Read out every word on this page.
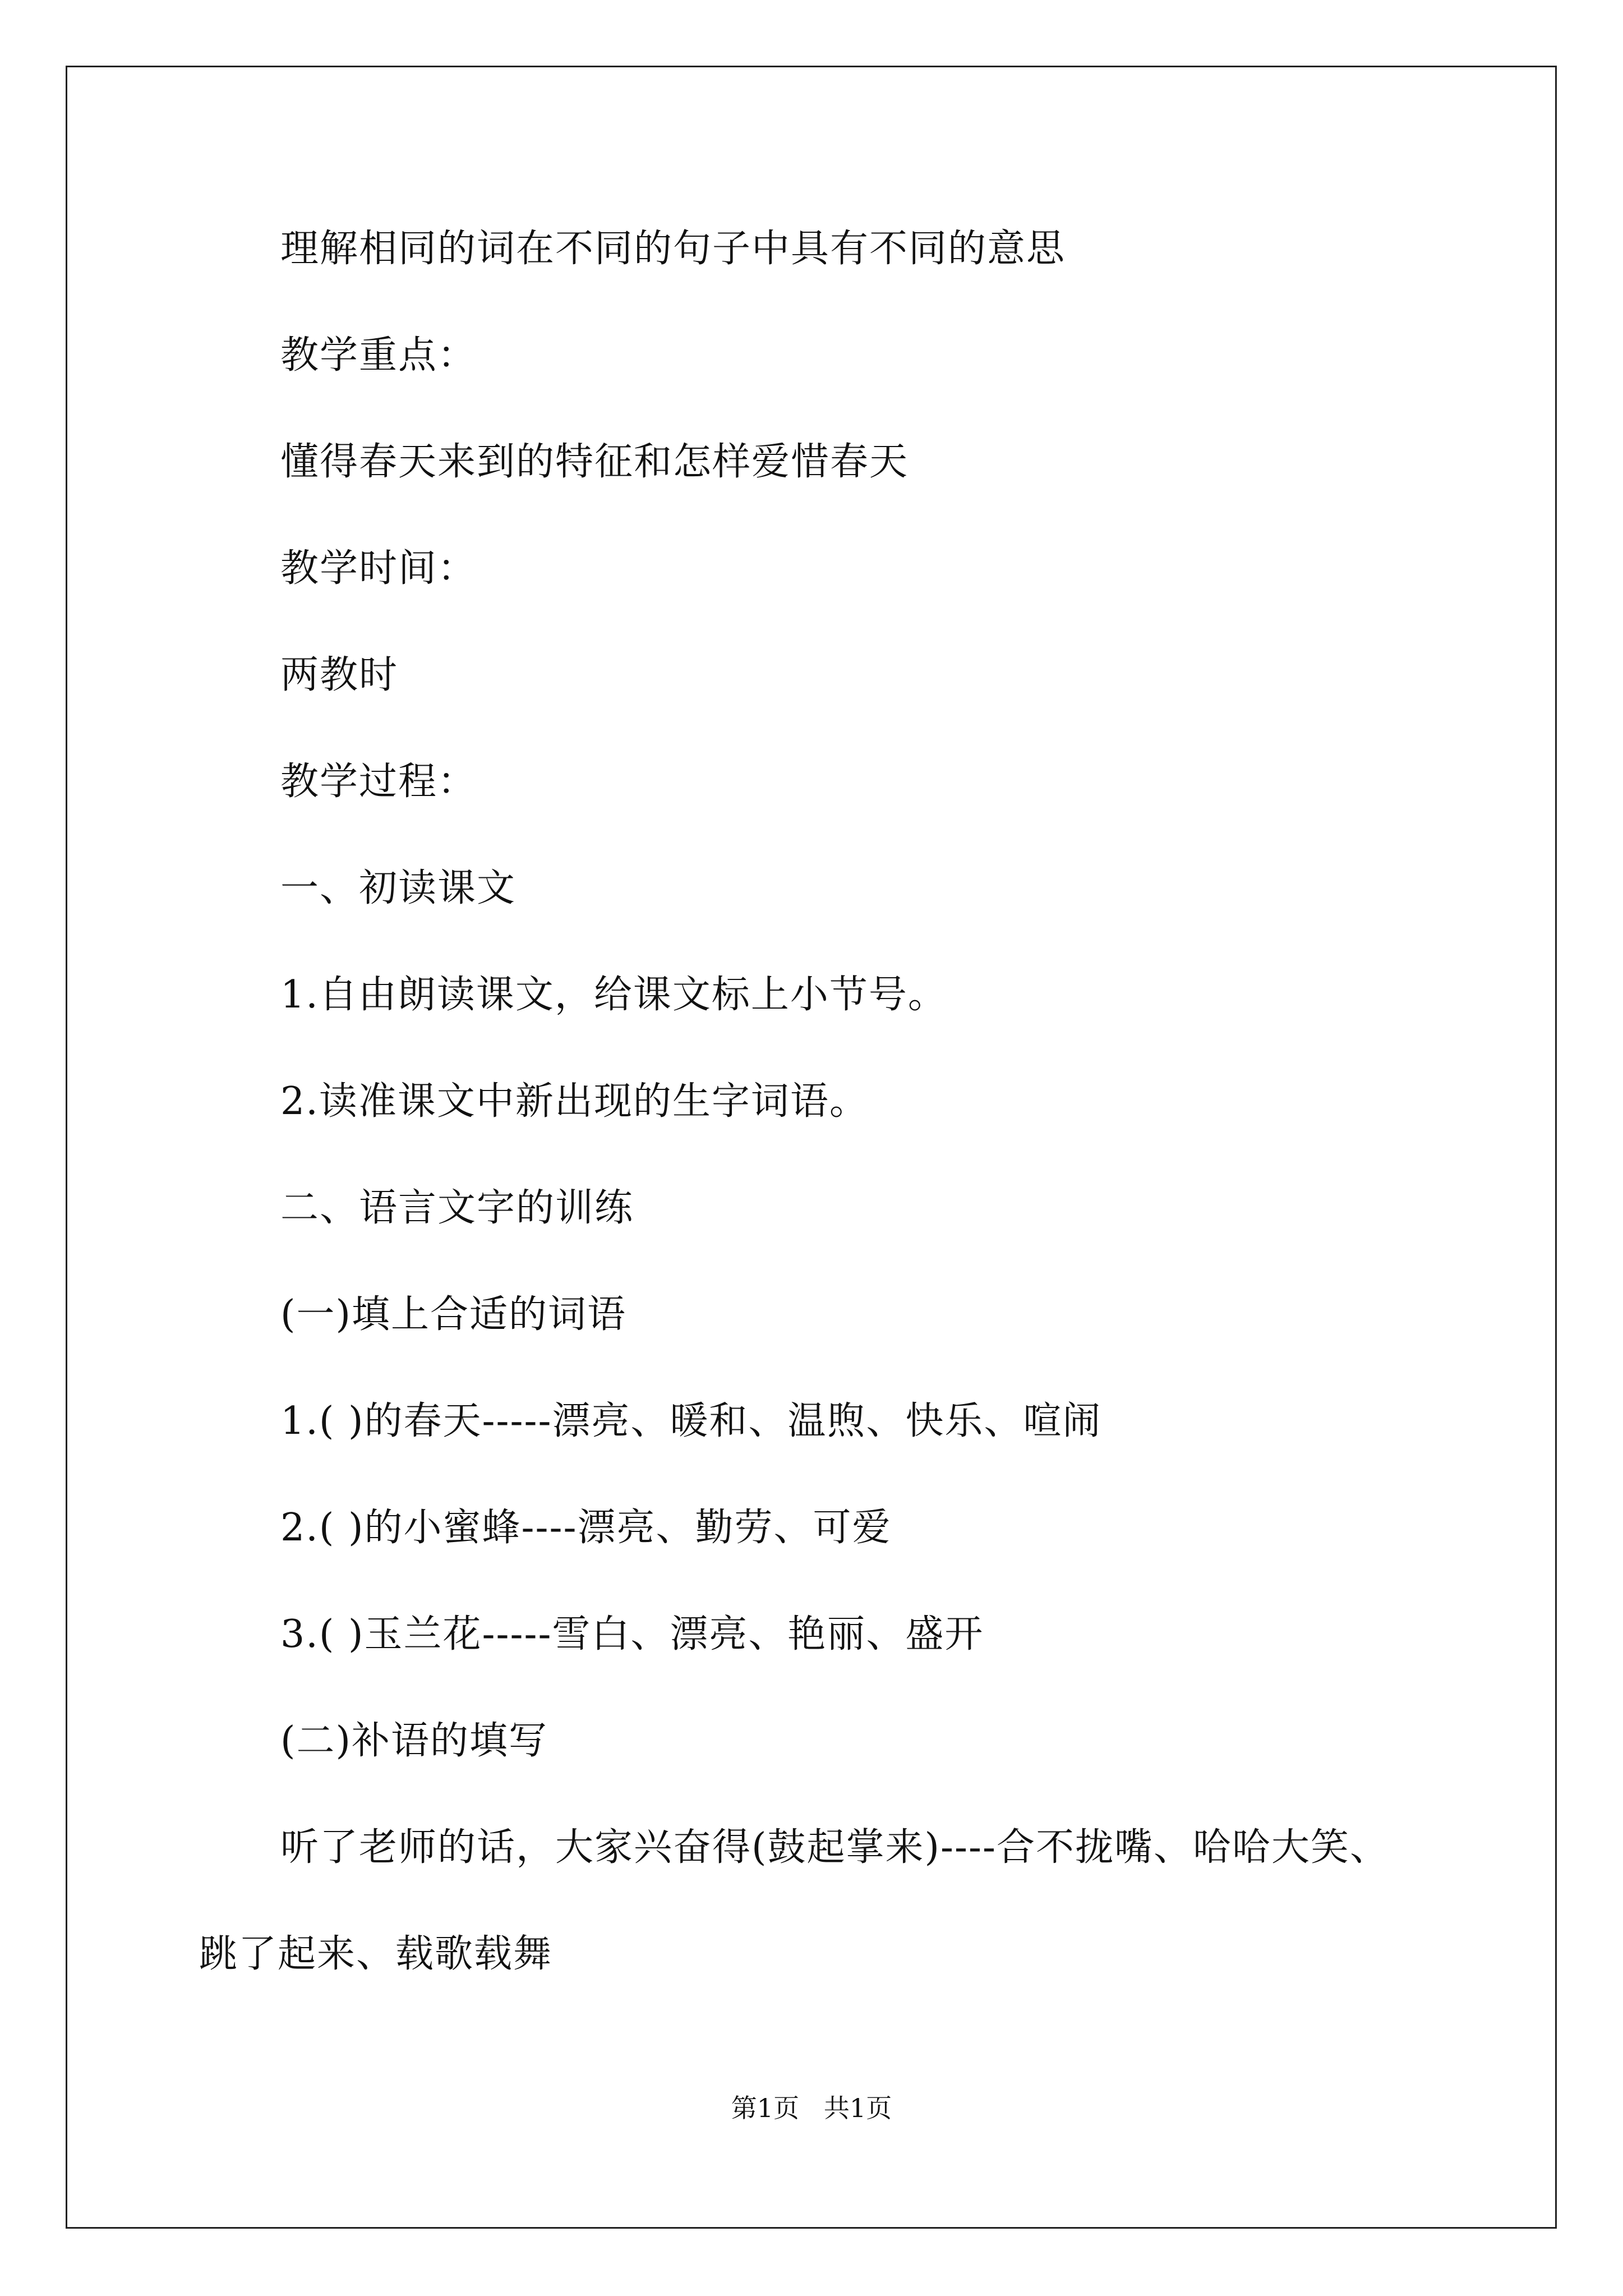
理解相同的词在不同的句子中具有不同的意思
教学重点：
懂得春天来到的特征和怎样爱惜春天
教学时间：
两教时
教学过程：
一、初读课文
1.自由朗读课文，给课文标上小节号。
2.读准课文中新出现的生字词语。
二、语言文字的训练
(一)填上合适的词语
1.( )的春天-----漂亮、暖和、温煦、快乐、喧闹
2.( )的小蜜蜂----漂亮、勤劳、可爱
3.( )玉兰花-----雪白、漂亮、艳丽、盛开
(二)补语的填写
听了老师的话，大家兴奋得(鼓起掌来)----合不拢嘴、哈哈大笑、
跳了起来、载歌载舞
第1页   共1页
